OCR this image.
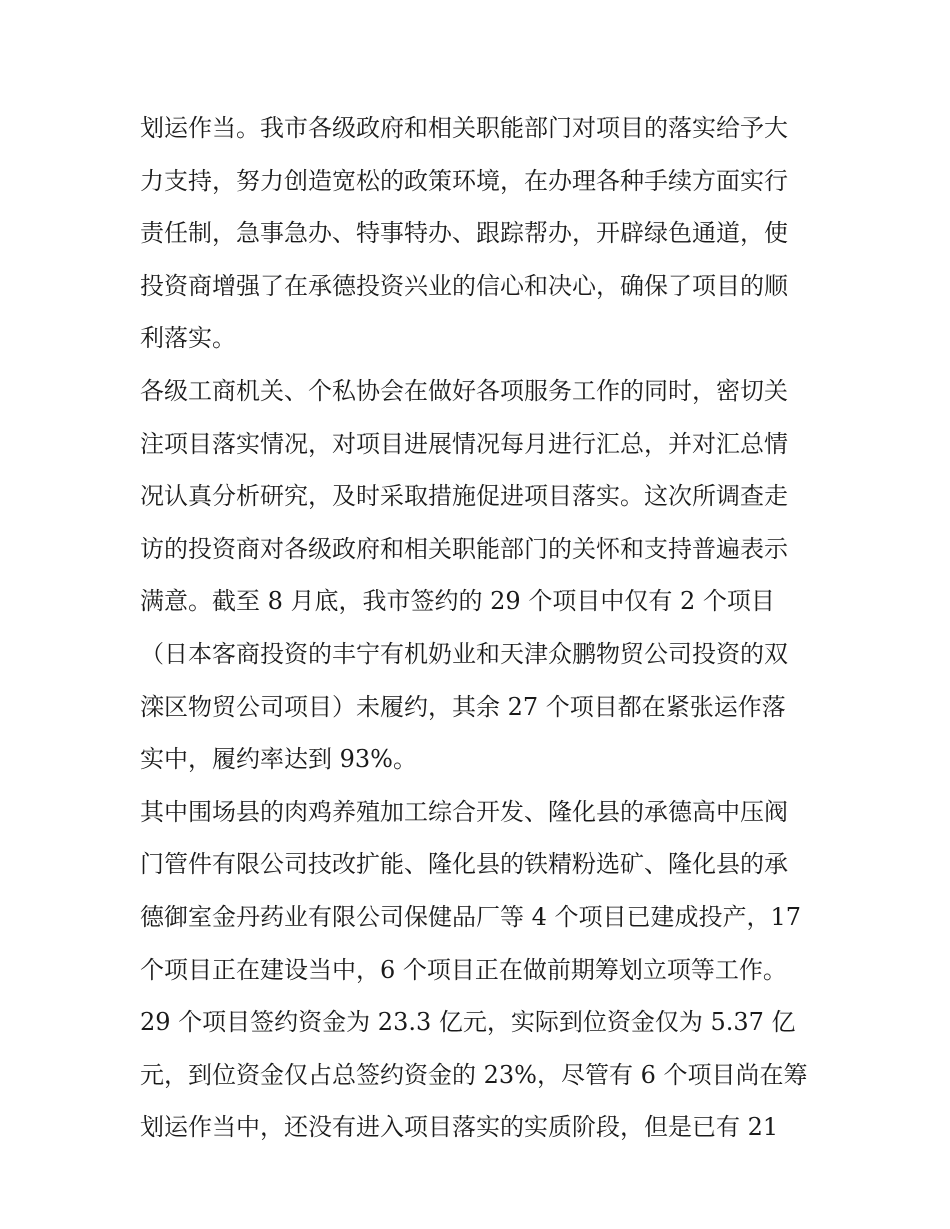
划运作当。我市各级政府和相关职能部门对项目的落实给予大
力支持，努力创造宽松的政策环境，在办理各种手续方面实行
责任制，急事急办、特事特办、跟踪帮办，开辟绿色通道，使
投资商增强了在承德投资兴业的信心和决心，确保了项目的顺
利落实。
各级工商机关、个私协会在做好各项服务工作的同时，密切关
注项目落实情况，对项目进展情况每月进行汇总，并对汇总情
况认真分析研究，及时采取措施促进项目落实。这次所调查走
访的投资商对各级政府和相关职能部门的关怀和支持普遍表示
满意。截至 8 月底，我市签约的 29 个项目中仅有 2 个项目
（日本客商投资的丰宁有机奶业和天津众鹏物贸公司投资的双
滦区物贸公司项目）未履约，其余 27 个项目都在紧张运作落
实中，履约率达到 93%。
其中围场县的肉鸡养殖加工综合开发、隆化县的承德高中压阀
门管件有限公司技改扩能、隆化县的铁精粉选矿、隆化县的承
德御室金丹药业有限公司保健品厂等 4 个项目已建成投产，17
个项目正在建设当中，6 个项目正在做前期筹划立项等工作。
29 个项目签约资金为 23.3 亿元，实际到位资金仅为 5.37 亿
元，到位资金仅占总签约资金的 23%，尽管有 6 个项目尚在筹
划运作当中，还没有进入项目落实的实质阶段，但是已有 21
